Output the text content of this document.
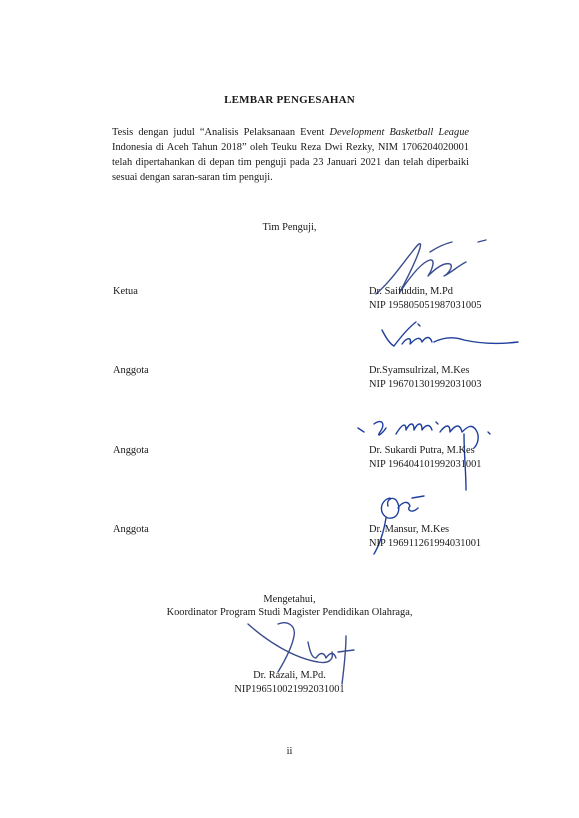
LEMBAR PENGESAHAN
Tesis dengan judul “Analisis Pelaksanaan Event Development Basketball League Indonesia di Aceh Tahun 2018” oleh Teuku Reza Dwi Rezky, NIM 1706204020001 telah dipertahankan di depan tim penguji pada 23 Januari 2021 dan telah diperbaiki sesuai dengan saran-saran tim penguji.
Tim Penguji,
Ketua	Dr. Saifuddin, M.Pd
NIP 195805051987031005
Anggota	Dr.Syamsulrizal, M.Kes
NIP 196701301992031003
Anggota	Dr. Sukardi Putra, M.Kes
NIP 196404101992031001
Anggota	Dr. Mansur, M.Kes
NIP 196911261994031001
Mengetahui,
Koordinator Program Studi Magister Pendidikan Olahraga,
Dr. Razali, M.Pd.
NIP196510021992031001
ii
